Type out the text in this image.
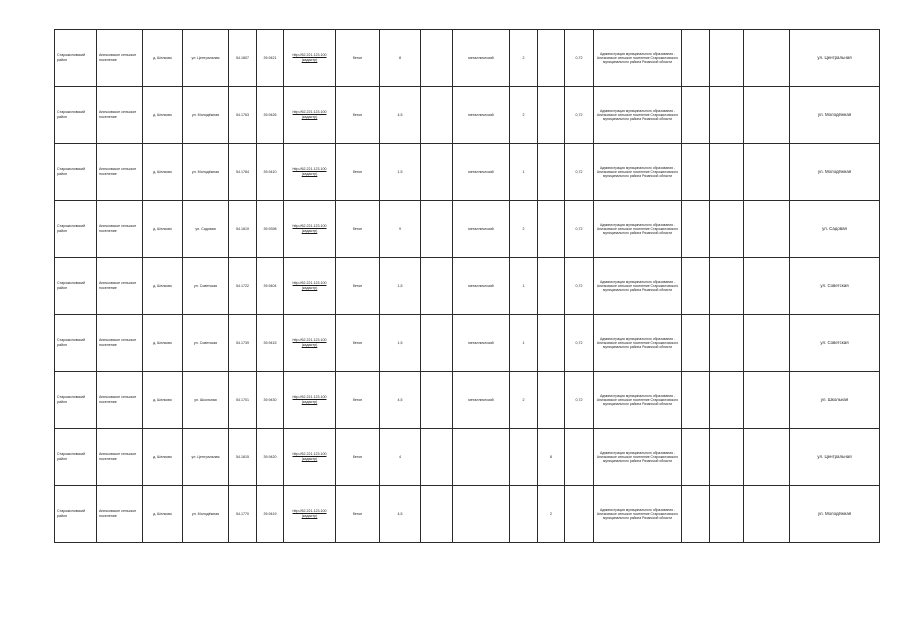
Старожиловский район	Аничковское сельское поселение	д. Шелково	ул. Центральная	54.1807	39.9421	http://62.221.123.100 (кадастр)	бетон	8		металлический	2		0,72	Администрация муниципального образования - Аничковское сельское поселение Старожиловского муниципального района Рязанской области				ул. Центральная
Старожиловский район	Аничковское сельское поселение	д. Шелково	ул. Молодёжная	54.1763	39.9426	http://62.221.123.100 (кадастр)	бетон	4,5		металлический	2		0,72	Администрация муниципального образования - Аничковское сельское поселение Старожиловского муниципального района Рязанской области				ул. Молодёжная
Старожиловский район	Аничковское сельское поселение	д. Шелково	ул. Молодёжная	54.1784	39.9410	http://62.221.123.100 (кадастр)	бетон	1,5		металлический	1		0,72	Администрация муниципального образования - Аничковское сельское поселение Старожиловского муниципального района Рязанской области				ул. Молодёжная
Старожиловский район	Аничковское сельское поселение	д. Шелково	ул. Садовая	54.1819	39.9398	http://62.221.123.100 (кадастр)	бетон	9		металлический	2		0,72	Администрация муниципального образования - Аничковское сельское поселение Старожиловского муниципального района Рязанской области				ул. Садовая
Старожиловский район	Аничковское сельское поселение	д. Шелково	ул. Советская	54.1722	39.9404	http://62.221.123.100 (кадастр)	бетон	1,5		металлический	1		0,72	Администрация муниципального образования - Аничковское сельское поселение Старожиловского муниципального района Рязанской области				ул. Советская
Старожиловский район	Аничковское сельское поселение	д. Шелково	ул. Советская	54.1739	39.9415	http://62.221.123.100 (кадастр)	бетон	1,5		металлический	1		0,72	Администрация муниципального образования - Аничковское сельское поселение Старожиловского муниципального района Рязанской области				ул. Советская
Старожиловский район	Аничковское сельское поселение	д. Шелково	ул. Школьная	54.1701	39.9430	http://62.221.123.100 (кадастр)	бетон	4,5		металлический	2		0,72	Администрация муниципального образования - Аничковское сельское поселение Старожиловского муниципального района Рязанской области				ул. Школьная
Старожиловский район	Аничковское сельское поселение	д. Шелково	ул. Центральная	54.1815	39.9420	http://62.221.123.100 (кадастр)	бетон	4				8		Администрация муниципального образования - Аничковское сельское поселение Старожиловского муниципального района Рязанской области				ул. Центральная
Старожиловский район	Аничковское сельское поселение	д. Шелково	ул. Молодёжная	54.1770	39.9419	http://62.221.123.100 (кадастр)	бетон	4,5				2		Администрация муниципального образования - Аничковское сельское поселение Старожиловского муниципального района Рязанской области				ул. Молодёжная
